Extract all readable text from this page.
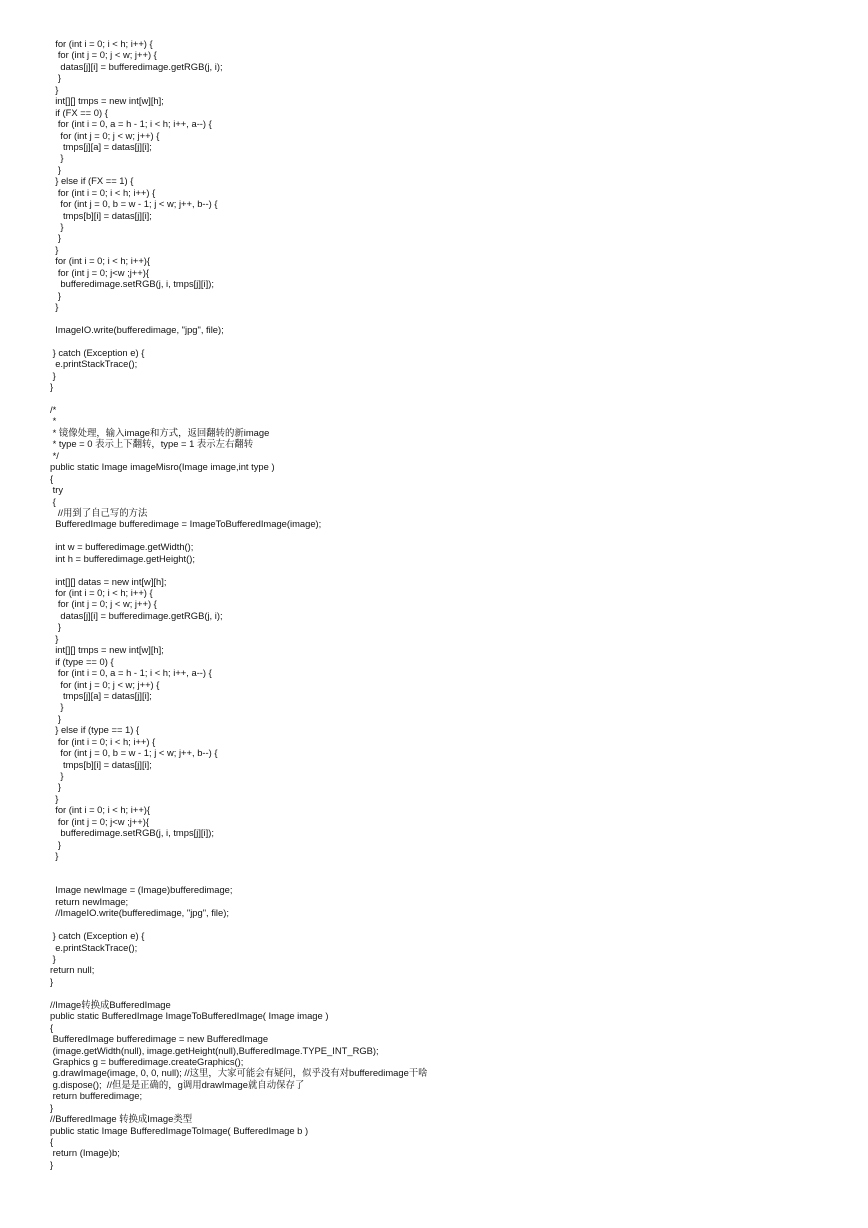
for (int i = 0; i < h; i++) {
for (int j = 0; j < w; j++) {
datas[j][i] = bufferedimage.getRGB(j, i);
}
}
int[][] tmps = new int[w][h];
if (FX == 0) {
for (int i = 0, a = h - 1; i < h; i++, a--) {
for (int j = 0; j < w; j++) {
tmps[j][a] = datas[j][i];
}
}
} else if (FX == 1) {
for (int i = 0; i < h; i++) {
for (int j = 0, b = w - 1; j < w; j++, b--) {
tmps[b][i] = datas[j][i];
}
}
}
for (int i = 0; i < h; i++){
for (int j = 0; j<w ;j++){
bufferedimage.setRGB(j, i, tmps[j][i]);
}
}
ImageIO.write(bufferedimage, "jpg", file);
} catch (Exception e) {
e.printStackTrace();
}
}
/*
*
* 镜像处理，输入image和方式，返回翻转的新image
* type = 0 表示上下翻转，type = 1 表示左右翻转
*/
public static Image imageMisro(Image image,int type )
{
try
{
//用到了自己写的方法
BufferedImage bufferedimage = ImageToBufferedImage(image);
int w = bufferedimage.getWidth();
int h = bufferedimage.getHeight();
int[][] datas = new int[w][h];
for (int i = 0; i < h; i++) {
for (int j = 0; j < w; j++) {
datas[j][i] = bufferedimage.getRGB(j, i);
}
}
int[][] tmps = new int[w][h];
if (type == 0) {
for (int i = 0, a = h - 1; i < h; i++, a--) {
for (int j = 0; j < w; j++) {
tmps[j][a] = datas[j][i];
}
}
} else if (type == 1) {
for (int i = 0; i < h; i++) {
for (int j = 0, b = w - 1; j < w; j++, b--) {
tmps[b][i] = datas[j][i];
}
}
}
for (int i = 0; i < h; i++){
for (int j = 0; j<w ;j++){
bufferedimage.setRGB(j, i, tmps[j][i]);
}
}
Image newImage = (Image)bufferedimage;
return newImage;
//ImageIO.write(bufferedimage, "jpg", file);
} catch (Exception e) {
e.printStackTrace();
}
return null;
}
//Image转换成BufferedImage
public static BufferedImage ImageToBufferedImage( Image image )
{
BufferedImage bufferedimage = new BufferedImage
(image.getWidth(null), image.getHeight(null),BufferedImage.TYPE_INT_RGB);
Graphics g = bufferedimage.createGraphics();
g.drawImage(image, 0, 0, null); //这里，大家可能会有疑问，似乎没有对bufferedimage干啥
g.dispose();  //但是是正确的，g调用drawImage就自动保存了
return bufferedimage;
}
//BufferedImage 转换成Image类型
public static Image BufferedImageToImage( BufferedImage b )
{
return (Image)b;
}
